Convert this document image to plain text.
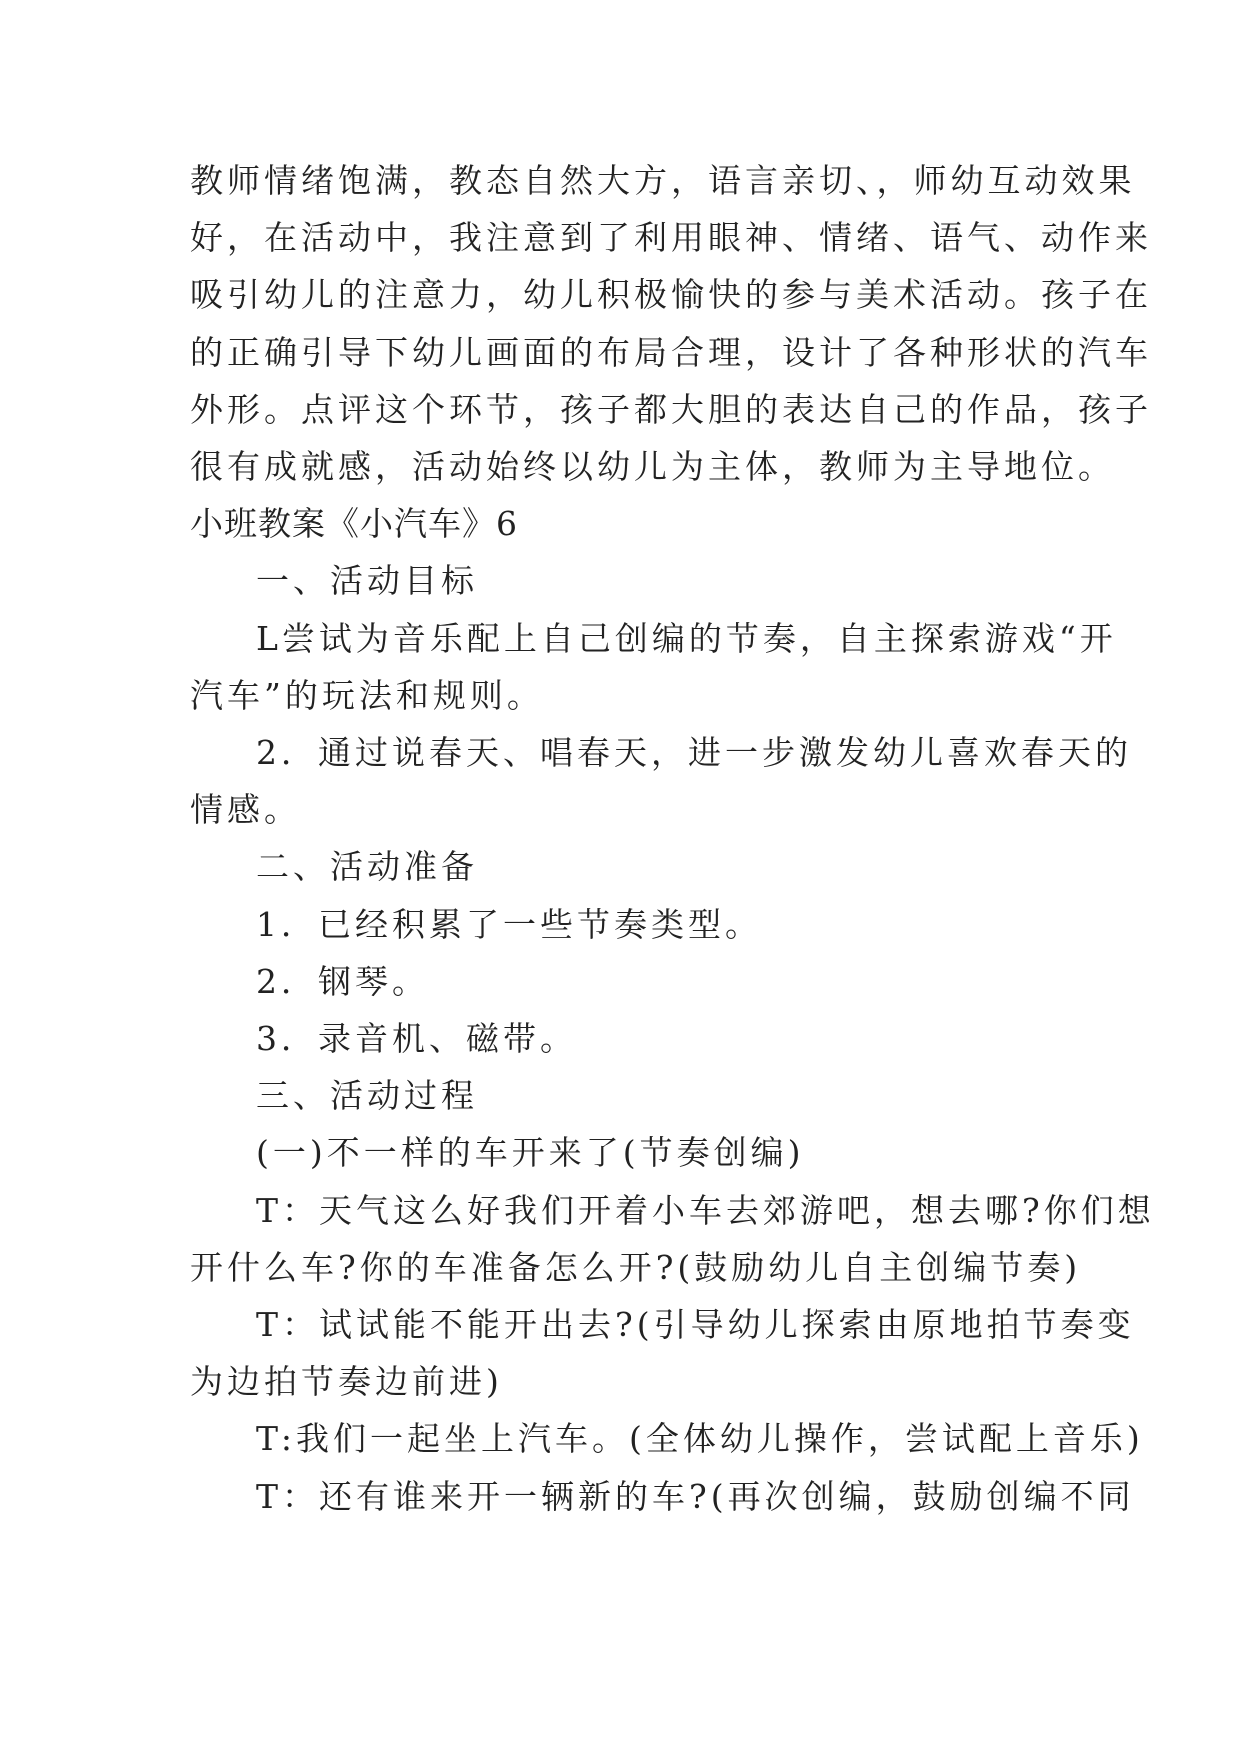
教师情绪饱满，教态自然大方，语言亲切、，师幼互动效果

好，在活动中，我注意到了利用眼神、情绪、语气、动作来

吸引幼儿的注意力，幼儿积极愉快的参与美术活动。孩子在

的正确引导下幼儿画面的布局合理，设计了各种形状的汽车

外形。点评这个环节，孩子都大胆的表达自己的作品，孩子

很有成就感，活动始终以幼儿为主体，教师为主导地位。

小班教案《小汽车》6

一、活动目标

L尝试为音乐配上自己创编的节奏，自主探索游戏“开

汽车”的玩法和规则。

2．通过说春天、唱春天，进一步激发幼儿喜欢春天的

情感。

二、活动准备

1．已经积累了一些节奏类型。

2．钢琴。

3．录音机、磁带。

三、活动过程

(一)不一样的车开来了(节奏创编)

T：天气这么好我们开着小车去郊游吧，想去哪?你们想

开什么车?你的车准备怎么开?(鼓励幼儿自主创编节奏)

T：试试能不能开出去?(引导幼儿探索由原地拍节奏变

为边拍节奏边前进)

T:我们一起坐上汽车。(全体幼儿操作，尝试配上音乐)

T：还有谁来开一辆新的车?(再次创编，鼓励创编不同
